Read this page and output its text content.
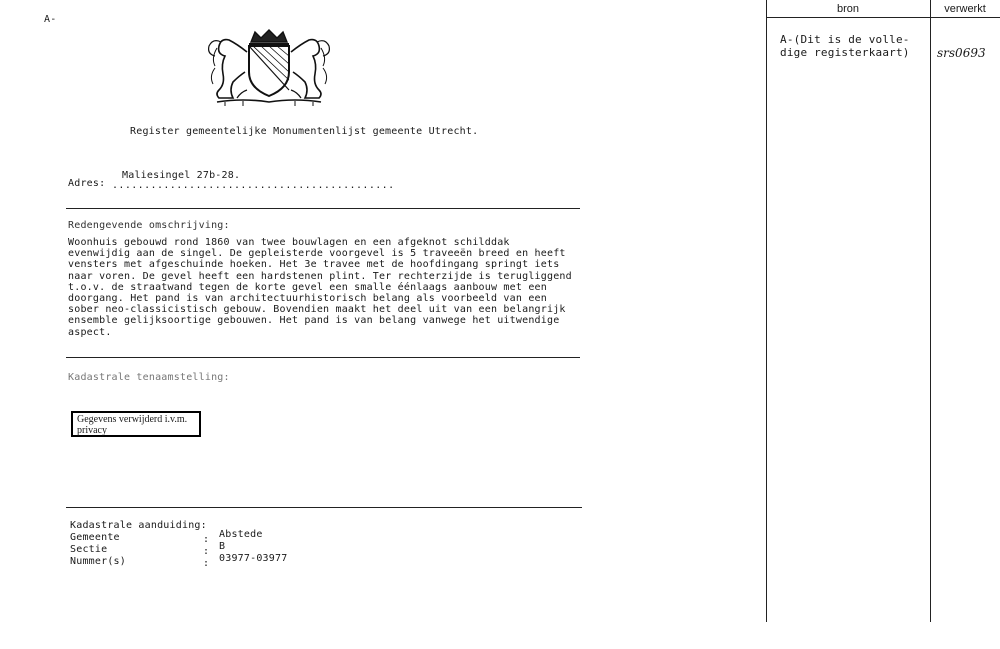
A-
Register gemeentelijke Monumentenlijst gemeente Utrecht.
Adres:
Maliesingel 27b-28.
............................................
Redengevende omschrijving:
Woonhuis gebouwd rond 1860 van twee bouwlagen en een afgeknot schilddak
evenwijdig aan de singel. De gepleisterde voorgevel is 5 traveeën breed en heeft
vensters met afgeschuinde hoeken. Het 3e travee met de hoofdingang springt iets
naar voren. De gevel heeft een hardstenen plint. Ter rechterzijde is terugliggend
t.o.v. de straatwand tegen de korte gevel een smalle éénlaags aanbouw met een
doorgang. Het pand is van architectuurhistorisch belang als voorbeeld van een
sober neo-classicistisch gebouw. Bovendien maakt het deel uit van een belangrijk
ensemble gelijksoortige gebouwen. Het pand is van belang vanwege het uitwendige
aspect.
Kadastrale tenaamstelling:
Gegevens verwijderd i.v.m. privacy
Kadastrale aanduiding:
Gemeente	: Abstede
Sectie	: B
Nummer(s)	: 03977-03977
bron	verwerkt
A-(Dit is de volle-
dige registerkaart) srs0693
